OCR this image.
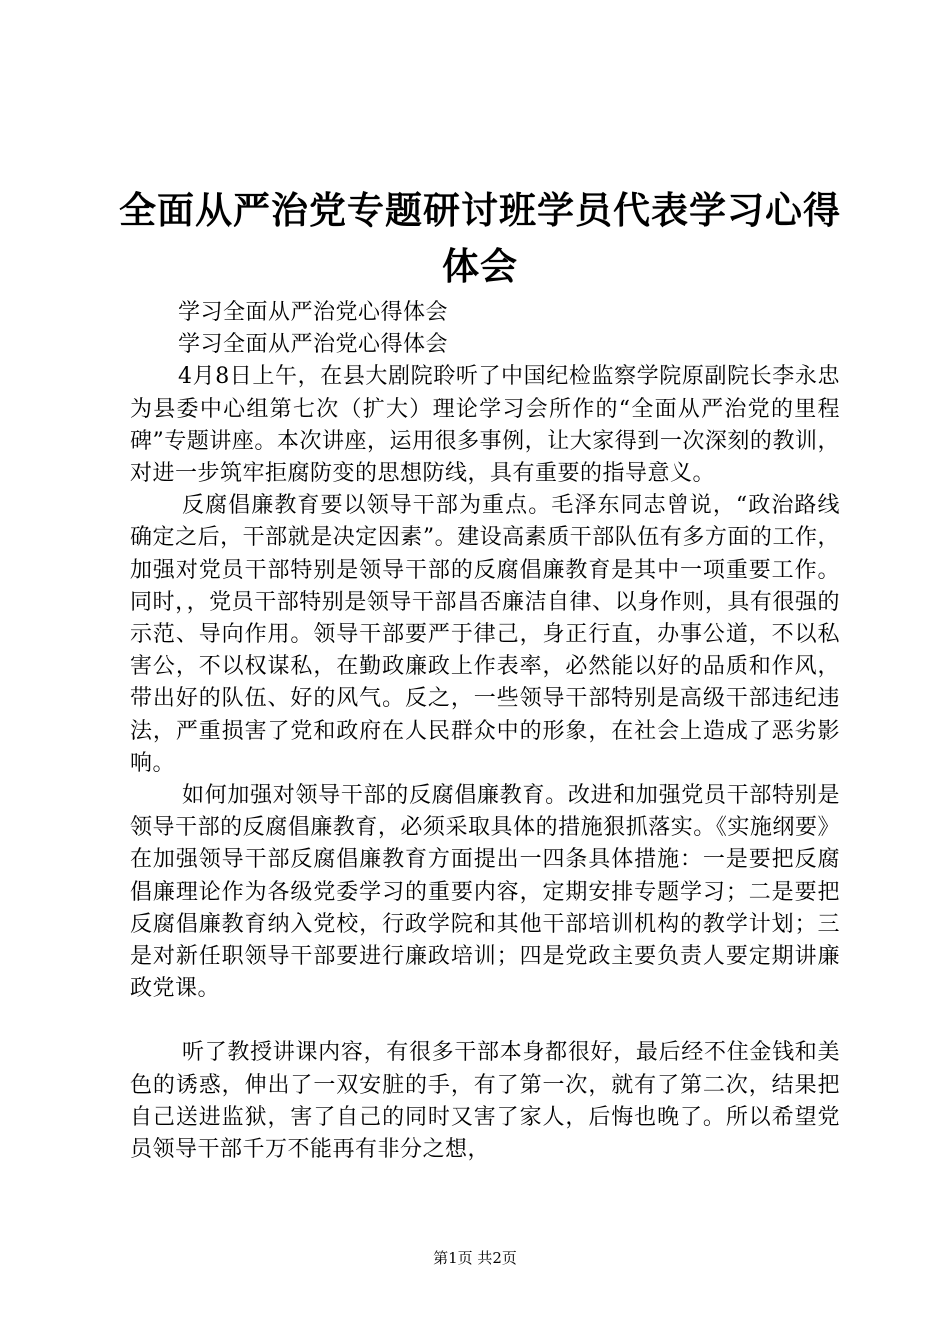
全面从严治党专题研讨班学员代表学习心得体会

学习全面从严治党心得体会

学习全面从严治党心得体会

4月8日上午，在县大剧院聆听了中国纪检监察学院原副院长李永忠为县委中心组第七次（扩大）理论学习会所作的“全面从严治党的里程碑”专题讲座。本次讲座，运用很多事例，让大家得到一次深刻的教训，对进一步筑牢拒腐防变的思想防线，具有重要的指导意义。

反腐倡廉教育要以领导干部为重点。毛泽东同志曾说，“政治路线确定之后，干部就是决定因素”。建设高素质干部队伍有多方面的工作，加强对党员干部特别是领导干部的反腐倡廉教育是其中一项重要工作。同时，，党员干部特别是领导干部昌否廉洁自律、以身作则，具有很强的示范、导向作用。领导干部要严于律己，身正行直，办事公道，不以私害公，不以权谋私，在勤政廉政上作表率，必然能以好的品质和作风，带出好的队伍、好的风气。反之，一些领导干部特别是高级干部违纪违法，严重损害了党和政府在人民群众中的形象，在社会上造成了恶劣影响。

如何加强对领导干部的反腐倡廉教育。改进和加强党员干部特别是领导干部的反腐倡廉教育，必须采取具体的措施狠抓落实。《实施纲要》在加强领导干部反腐倡廉教育方面提出一四条具体措施：一是要把反腐倡廉理论作为各级党委学习的重要内容，定期安排专题学习；二是要把反腐倡廉教育纳入党校，行政学院和其他干部培训机构的教学计划；三是对新任职领导干部要进行廉政培训；四是党政主要负责人要定期讲廉政党课。

听了教授讲课内容，有很多干部本身都很好，最后经不住金钱和美色的诱惑，伸出了一双安脏的手，有了第一次，就有了第二次，结果把自己送进监狱，害了自己的同时又害了家人，后悔也晚了。所以希望党员领导干部千万不能再有非分之想，

第1页 共2页
